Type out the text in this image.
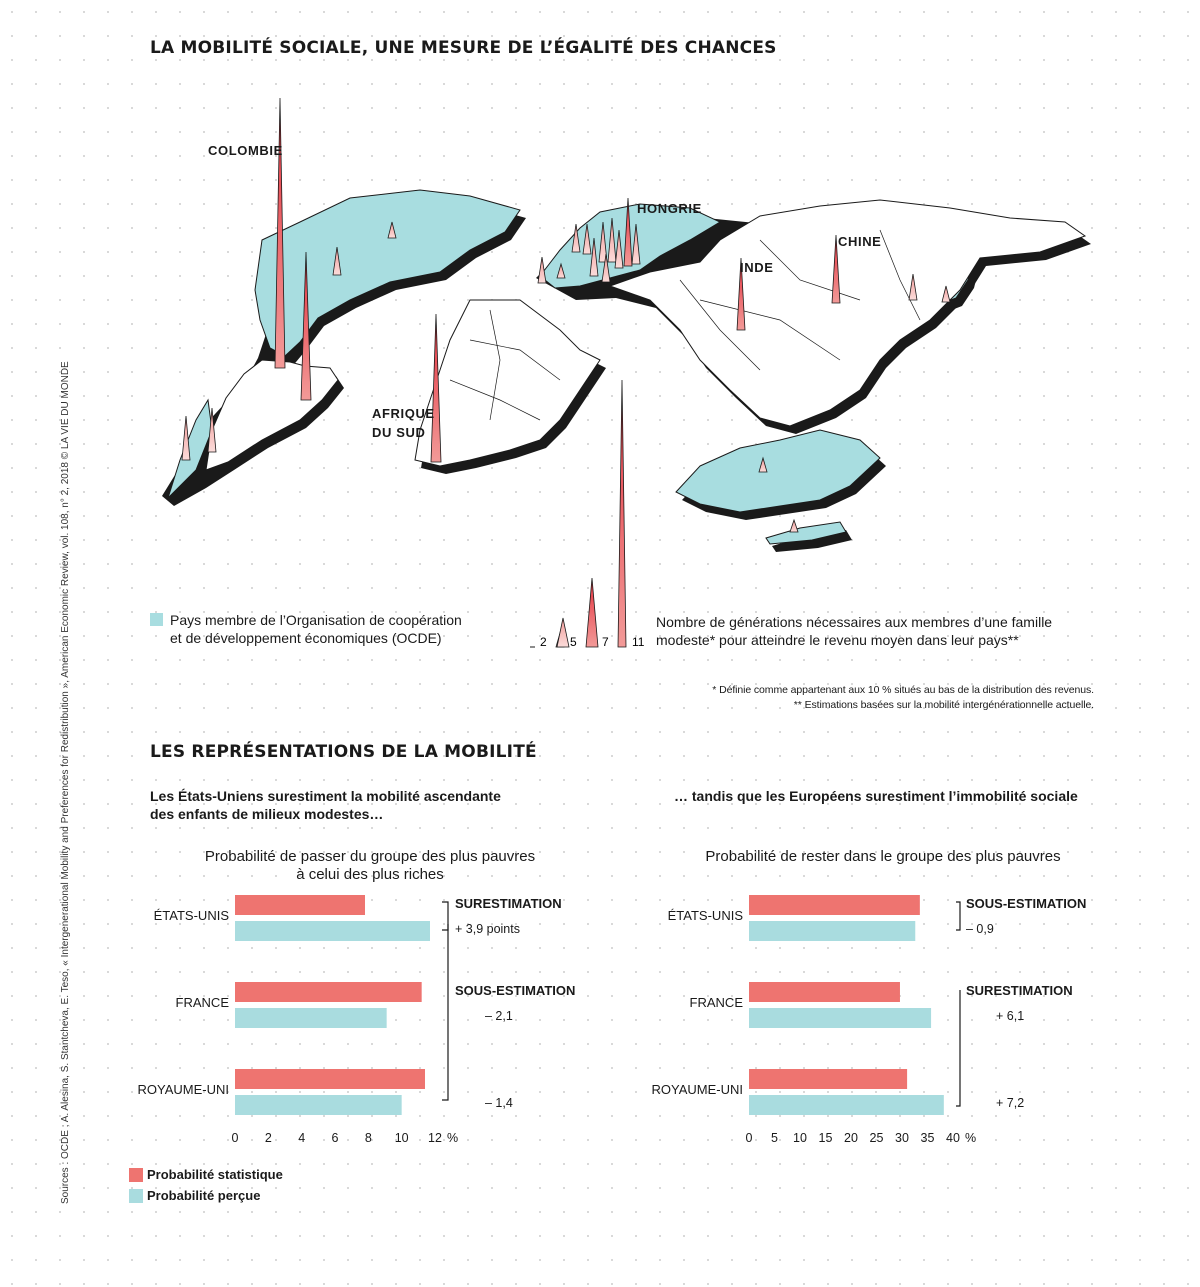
LA MOBILITÉ SOCIALE, UNE MESURE DE L’ÉGALITÉ DES CHANCES
2 5 7 11
COLOMBIE
HONGRIE
CHINE
INDE
AFRIQUE
DU SUD
Pays membre de l’Organisation de coopération
et de développement économiques (OCDE)
Nombre de générations nécessaires aux membres d’une famille
modeste* pour atteindre le revenu moyen dans leur pays**
* Définie comme appartenant aux 10 % situés au bas de la distribution des revenus.
** Estimations basées sur la mobilité intergénérationnelle actuelle.
LES REPRÉSENTATIONS DE LA MOBILITÉ
Les États-Uniens surestiment la mobilité ascendante
des enfants de milieux modestes…
… tandis que les Européens surestiment l’immobilité sociale
Probabilité de passer du groupe des plus pauvres
à celui des plus riches
Probabilité de rester dans le groupe des plus pauvres
ÉTATS-UNIS
SURESTIMATION
+ 3,9 points
FRANCE
SOUS-ESTIMATION
– 2,1
ROYAUME-UNI
– 1,4
0 2 4 6 8 10 12 %
ÉTATS-UNIS
SOUS-ESTIMATION
– 0,9
FRANCE
SURESTIMATION
+ 6,1
ROYAUME-UNI
+ 7,2
0 5 10 15 20 25 30 35 40 %
Probabilité statistique
Probabilité perçue
Sources : OCDE ; A. Alesina, S. Stantcheva, E. Teso, « Intergenerational Mobility and Preferences for Redistribution », American Economic Review, vol. 108, n° 2, 2018 © LA VIE DU MONDE
